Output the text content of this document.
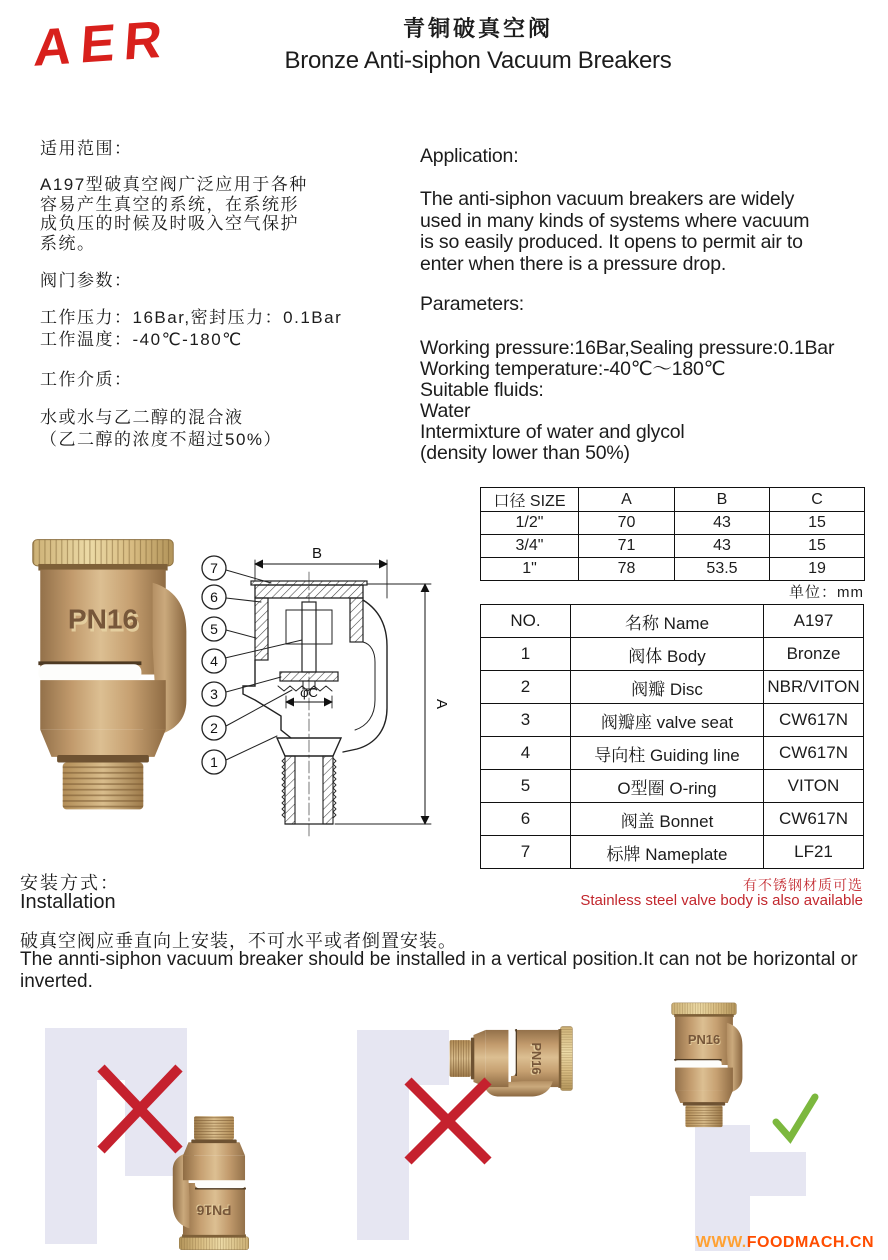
AER	青铜破真空阀
Bronze Anti-siphon Vacuum Breakers
适用范围：
A197型破真空阀广泛应用于各种
容易产生真空的系统，在系统形
成负压的时候及时吸入空气保护
系统。
阀门参数：
工作压力：16Bar,密封压力：0.1Bar
工作温度：-40℃-180℃
工作介质：
水或水与乙二醇的混合液
（乙二醇的浓度不超过50%）
Application:
The anti-siphon vacuum breakers are widely
used in many kinds of systems where vacuum
is so easily produced. It opens to permit air to
enter when there is a pressure drop.
Parameters:
Working pressure:16Bar,Sealing pressure:0.1Bar
Working temperature:-40℃～180℃
Suitable fluids:
Water
Intermixture of water and glycol
(density lower than 50%)
口径 SIZE	A	B	C
1/2"	70	43	15
3/4"	71	43	15
1"	78	53.5	19
单位：mm
NO.	名称 Name	A197
1	阀体 Body	Bronze
2	阀瓣 Disc	NBR/VITON
3	阀瓣座 valve seat	CW617N
4	导向柱 Guiding line	CW617N
5	O型圈 O-ring	VITON
6	阀盖 Bonnet	CW617N
7	标牌 Nameplate	LF21
有不锈钢材质可选
Stainless steel valve body is also available
B
A
φC
7
6
5
4
3
2
1
安装方式：
Installation
破真空阀应垂直向上安装，不可水平或者倒置安装。
The annti-siphon vacuum breaker should be installed in a vertical position.It can not be horizontal or inverted.
WWW.FOODMACH.CN
